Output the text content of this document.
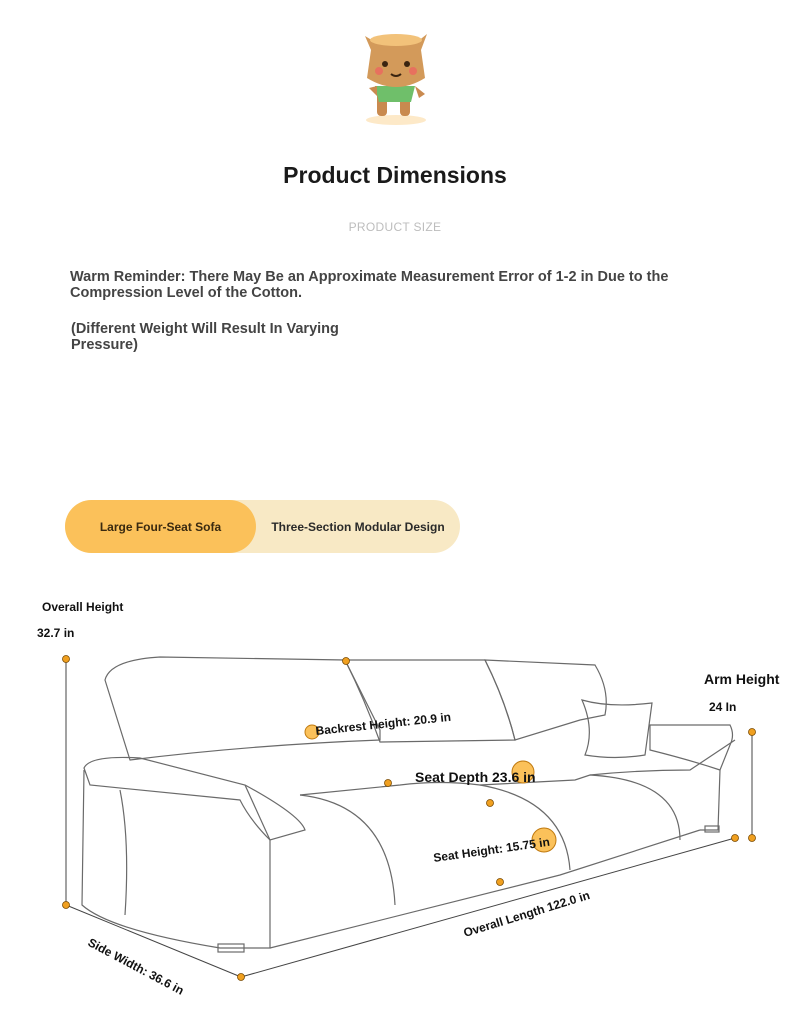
Product Dimensions
PRODUCT SIZE
Warm Reminder: There May Be an Approximate Measurement Error of 1-2 in Due to the Compression Level of the Cotton.
(Different Weight Will Result In Varying Pressure)
Large Four-Seat Sofa	Three-Section Modular Design
Overall Height
32.7 in
Arm Height
24 In
Backrest Height: 20.9 in
Seat Depth 23.6 in
Seat Height: 15.75 in
Overall Length 122.0 in
Side Width: 36.6 in
